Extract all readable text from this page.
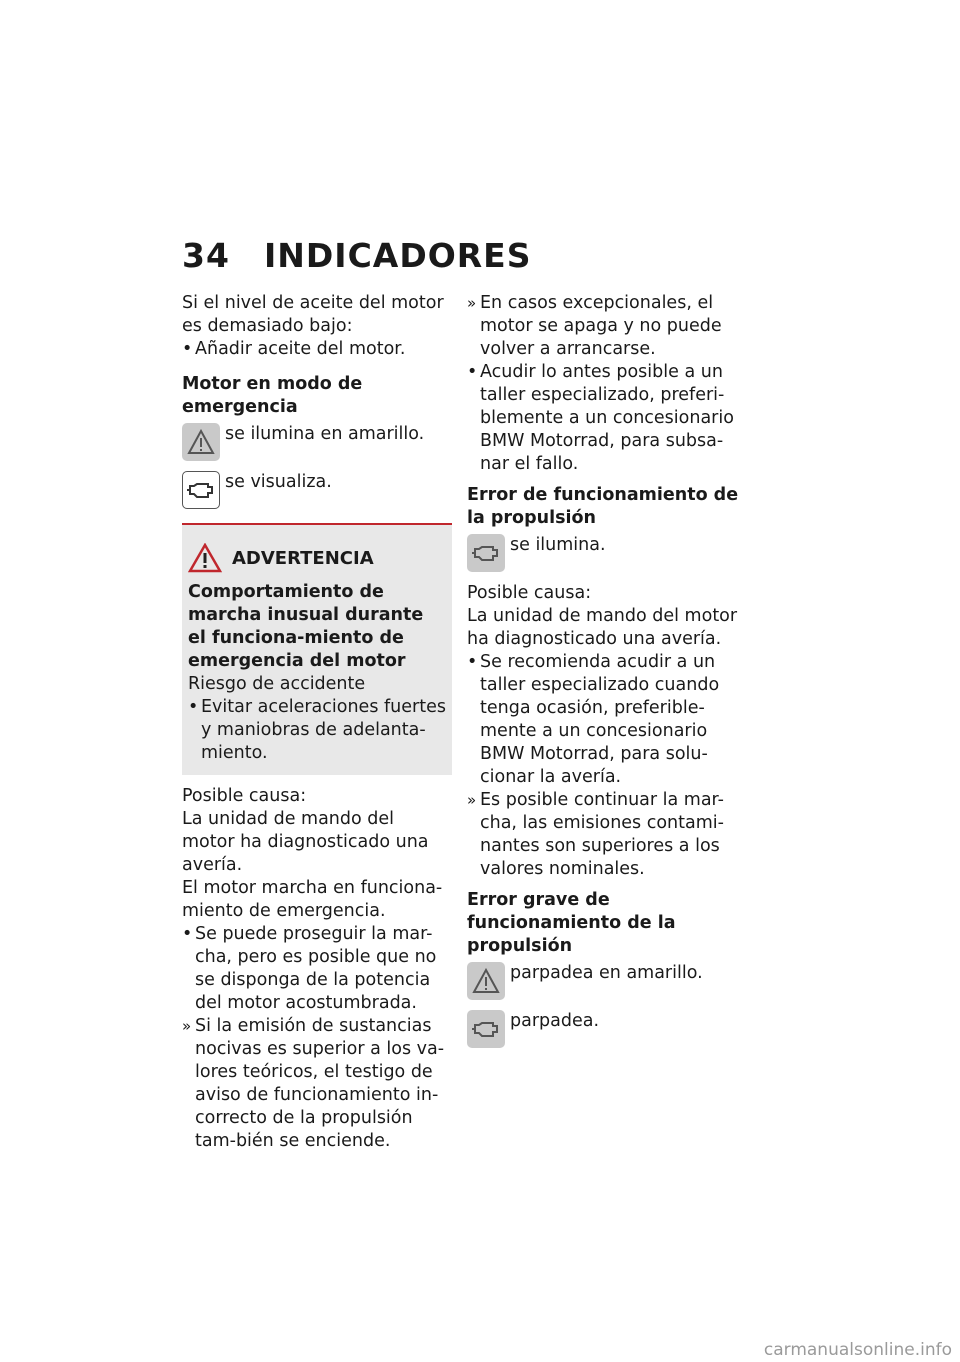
34 INDICADORES

Si el nivel de aceite del motor es demasiado bajo:

• Añadir aceite del motor.

Motor en modo de emergencia

se ilumina en amarillo.
se visualiza.
ADVERTENCIA

Comportamiento de marcha inusual durante el funciona-miento de emergencia del motor

Riesgo de accidente

• Evitar aceleraciones fuertes y maniobras de adelanta-miento.

Posible causa:

La unidad de mando del motor ha diagnosticado una avería.

El motor marcha en funciona-miento de emergencia.

• Se puede proseguir la mar-cha, pero es posible que no se disponga de la potencia del motor acostumbrada.

» Si la emisión de sustancias nocivas es superior a los va-lores teóricos, el testigo de aviso de funcionamiento in-correcto de la propulsión tam-bién se enciende.

» En casos excepcionales, el motor se apaga y no puede volver a arrancarse.

• Acudir lo antes posible a un taller especializado, preferi-blemente a un concesionario BMW Motorrad, para subsa-nar el fallo.

Error de funcionamiento de la propulsión

se ilumina.

Posible causa:

La unidad de mando del motor ha diagnosticado una avería.

• Se recomienda acudir a un taller especializado cuando tenga ocasión, preferible-mente a un concesionario BMW Motorrad, para solu-cionar la avería.

» Es posible continuar la mar-cha, las emisiones contami-nantes son superiores a los valores nominales.

Error grave de funcionamiento de la propulsión

parpadea en amarillo.
parpadea.
carmanualsonline.info
